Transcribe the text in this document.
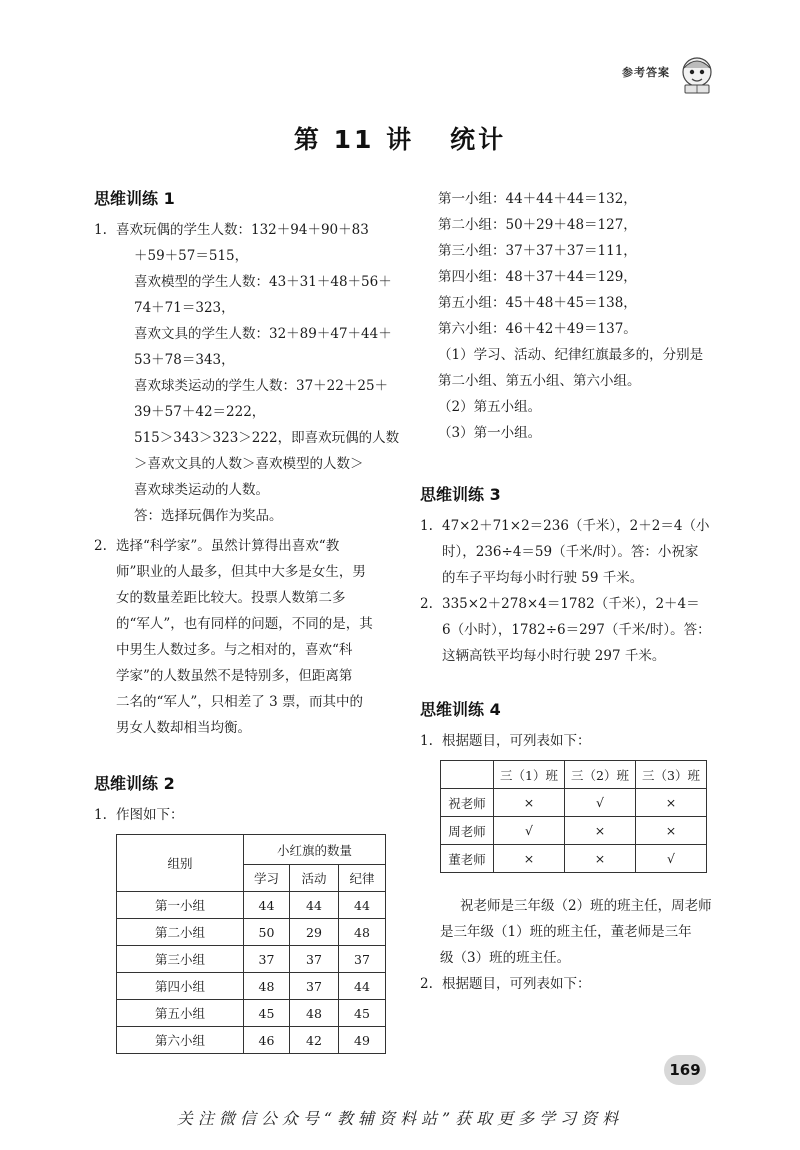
参考答案
第 11 讲 统计
思维训练 1
1. 喜欢玩偶的学生人数：132＋94＋90＋83
＋59＋57＝515，
喜欢模型的学生人数：43＋31＋48＋56＋
74＋71＝323，
喜欢文具的学生人数：32＋89＋47＋44＋
53＋78＝343，
喜欢球类运动的学生人数：37＋22＋25＋
39＋57＋42＝222，
515＞343＞323＞222，即喜欢玩偶的人数
＞喜欢文具的人数＞喜欢模型的人数＞
喜欢球类运动的人数。
答：选择玩偶作为奖品。
2. 选择“科学家”。虽然计算得出喜欢“教
师”职业的人最多，但其中大多是女生，男
女的数量差距比较大。投票人数第二多
的“军人”，也有同样的问题，不同的是，其
中男生人数过多。与之相对的，喜欢“科
学家”的人数虽然不是特别多，但距离第
二名的“军人”，只相差了 3 票，而其中的
男女人数却相当均衡。
思维训练 2
1. 作图如下：
组别	小红旗的数量		
	学习	活动	纪律
第一小组	44	44	44
第二小组	50	29	48
第三小组	37	37	37
第四小组	48	37	44
第五小组	45	48	45
第六小组	46	42	49
第一小组：44＋44＋44＝132，
第二小组：50＋29＋48＝127，
第三小组：37＋37＋37＝111，
第四小组：48＋37＋44＝129，
第五小组：45＋48＋45＝138，
第六小组：46＋42＋49＝137。
（1）学习、活动、纪律红旗最多的，分别是
第二小组、第五小组、第六小组。
（2）第五小组。
（3）第一小组。
思维训练 3
1. 47×2＋71×2＝236（千米），2＋2＝4（小
时），236÷4＝59（千米/时）。答：小祝家
的车子平均每小时行驶 59 千米。
2. 335×2＋278×4＝1782（千米），2＋4＝
6（小时），1782÷6＝297（千米/时）。答：
这辆高铁平均每小时行驶 297 千米。
思维训练 4
1. 根据题目，可列表如下：
	三（1）班	三（2）班	三（3）班
祝老师	×	√	×
周老师	√	×	×
董老师	×	×	√
祝老师是三年级（2）班的班主任，周老师
是三年级（1）班的班主任，董老师是三年
级（3）班的班主任。
2. 根据题目，可列表如下：
169
关注微信公众号“教辅资料站”获取更多学习资料
